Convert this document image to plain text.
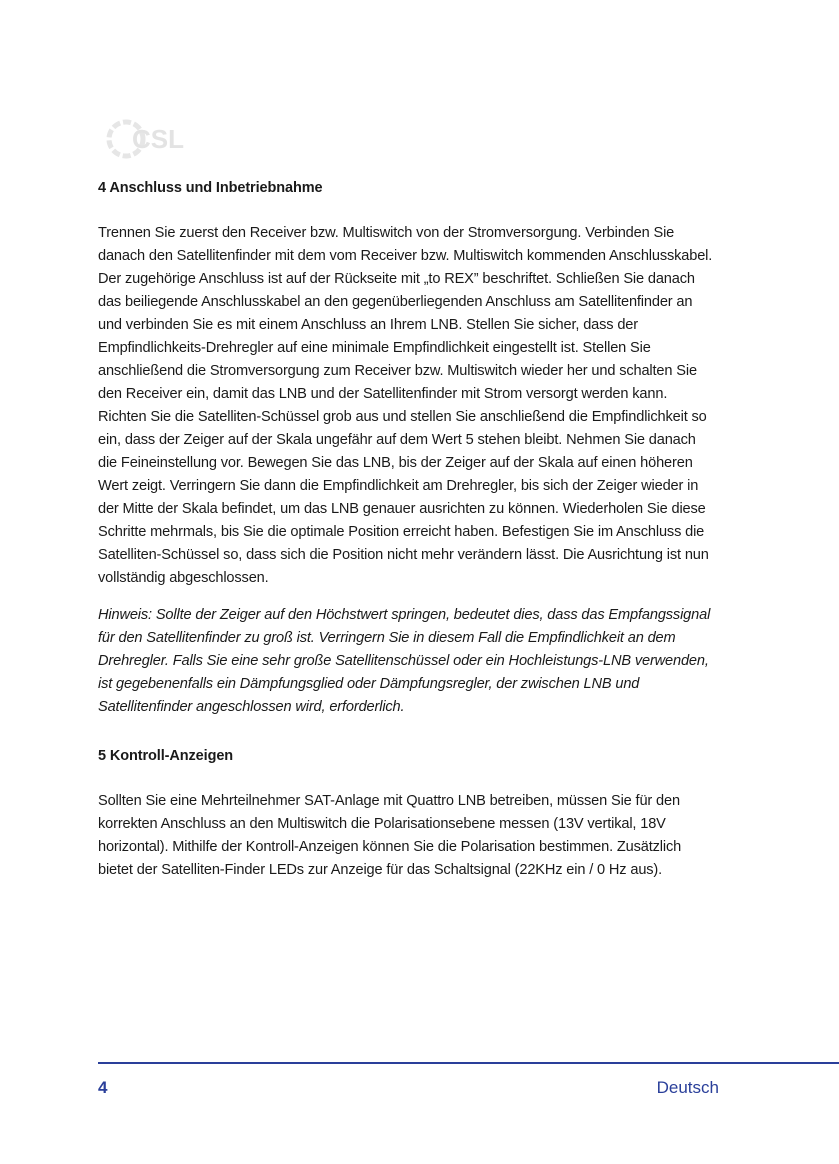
CSL
4 Anschluss und Inbetriebnahme

Trennen Sie zuerst den Receiver bzw. Multiswitch von der Stromversorgung. Verbinden Sie danach den Satellitenfinder mit dem vom Receiver bzw. Multiswitch kommenden Anschlusskabel. Der zugehörige Anschluss ist auf der Rückseite mit „to REX” beschriftet. Schließen Sie danach das beiliegende Anschlusskabel an den gegenüberliegenden Anschluss am Satellitenfinder an und verbinden Sie es mit einem Anschluss an Ihrem LNB. Stellen Sie sicher, dass der Empfindlichkeits-Drehregler auf eine minimale Empfindlichkeit eingestellt ist. Stellen Sie anschließend die Stromversorgung zum Receiver bzw. Multiswitch wieder her und schalten Sie den Receiver ein, damit das LNB und der Satellitenfinder mit Strom versorgt werden kann. Richten Sie die Satelliten-Schüssel grob aus und stellen Sie anschließend die Empfindlichkeit so ein, dass der Zeiger auf der Skala ungefähr auf dem Wert 5 stehen bleibt. Nehmen Sie danach die Feineinstellung vor. Bewegen Sie das LNB, bis der Zeiger auf der Skala auf einen höheren Wert zeigt. Verringern Sie dann die Empfindlichkeit am Drehregler, bis sich der Zeiger wieder in der Mitte der Skala befindet, um das LNB genauer ausrichten zu können. Wiederholen Sie diese Schritte mehrmals, bis Sie die optimale Position erreicht haben. Befestigen Sie im Anschluss die Satelliten-Schüssel so, dass sich die Position nicht mehr verändern lässt. Die Ausrichtung ist nun vollständig abgeschlossen.

Hinweis: Sollte der Zeiger auf den Höchstwert springen, bedeutet dies, dass das Empfangssignal für den Satellitenfinder zu groß ist. Verringern Sie in diesem Fall die Empfindlichkeit an dem Drehregler. Falls Sie eine sehr große Satellitenschüssel oder ein Hochleistungs-LNB verwenden, ist gegebenenfalls ein Dämpfungsglied oder Dämpfungsregler, der zwischen LNB und Satellitenfinder angeschlossen wird, erforderlich.

5 Kontroll-Anzeigen

Sollten Sie eine Mehrteilnehmer SAT-Anlage mit Quattro LNB betreiben, müssen Sie für den korrekten Anschluss an den Multiswitch die Polarisationsebene messen (13V vertikal, 18V horizontal). Mithilfe der Kontroll-Anzeigen können Sie die Polarisation bestimmen. Zusätzlich bietet der Satelliten-Finder LEDs zur Anzeige für das Schaltsignal (22KHz ein / 0 Hz aus).

4	Deutsch
